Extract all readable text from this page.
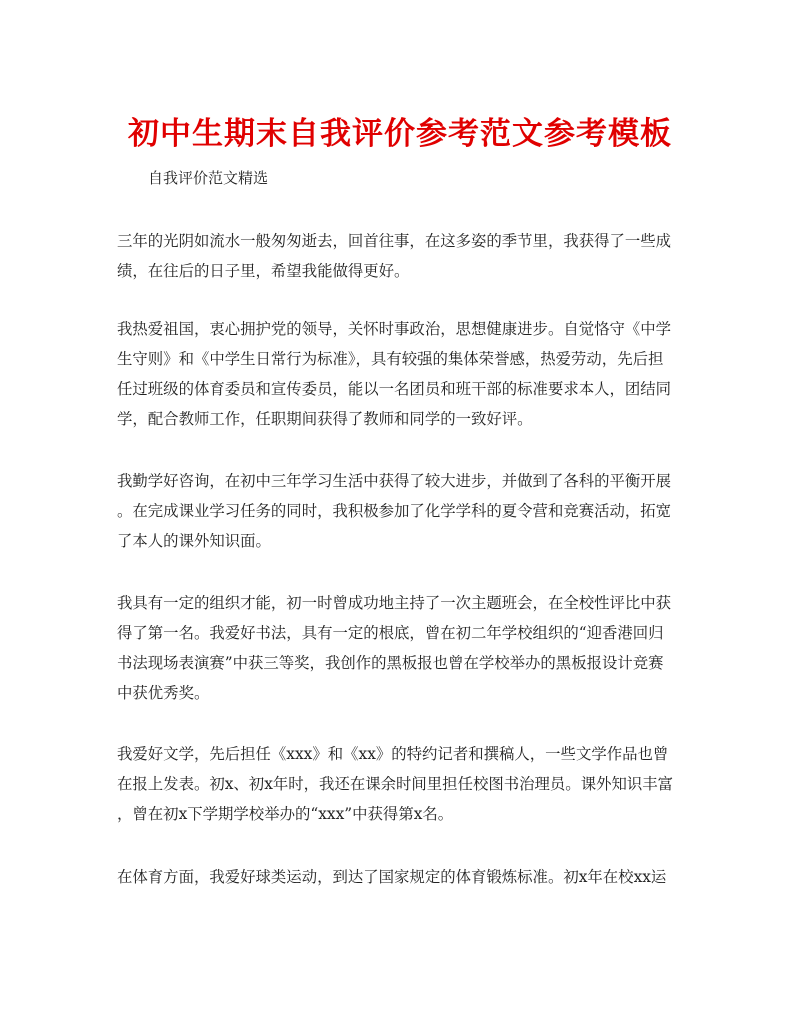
初中生期末自我评价参考范文参考模板
自我评价范文精选
三年的光阴如流水一般匆匆逝去，回首往事，在这多姿的季节里，我获得了一些成
绩，在往后的日子里，希望我能做得更好。
我热爱祖国，衷心拥护党的领导，关怀时事政治，思想健康进步。自觉恪守《中学
生守则》和《中学生日常行为标准》，具有较强的集体荣誉感，热爱劳动，先后担
任过班级的体育委员和宣传委员，能以一名团员和班干部的标准要求本人，团结同
学，配合教师工作，任职期间获得了教师和同学的一致好评。
我勤学好咨询，在初中三年学习生活中获得了较大进步，并做到了各科的平衡开展
。在完成课业学习任务的同时，我积极参加了化学学科的夏令营和竞赛活动，拓宽
了本人的课外知识面。
我具有一定的组织才能，初一时曾成功地主持了一次主题班会，在全校性评比中获
得了第一名。我爱好书法，具有一定的根底，曾在初二年学校组织的“迎香港回归
书法现场表演赛”中获三等奖，我创作的黑板报也曾在学校举办的黑板报设计竞赛
中获优秀奖。
我爱好文学，先后担任《xxx》和《xx》的特约记者和撰稿人，一些文学作品也曾
在报上发表。初x、初x年时，我还在课余时间里担任校图书治理员。课外知识丰富
，曾在初x下学期学校举办的“xxx”中获得第x名。
在体育方面，我爱好球类运动，到达了国家规定的体育锻炼标准。初x年在校xx运
